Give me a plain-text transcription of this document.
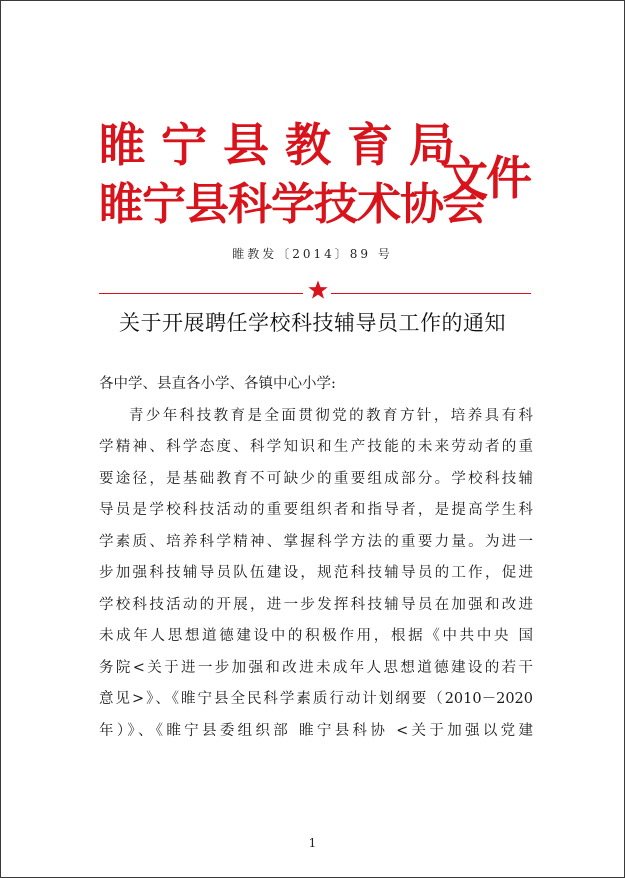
睢宁县教育局
睢宁县科学技术协会
文件
睢教发〔2014〕89 号
关于开展聘任学校科技辅导员工作的通知
各中学、县直各小学、各镇中心小学:
青少年科技教育是全面贯彻党的教育方针，培养具有科
学精神、科学态度、科学知识和生产技能的未来劳动者的重
要途径，是基础教育不可缺少的重要组成部分。学校科技辅
导员是学校科技活动的重要组织者和指导者，是提高学生科
学素质、培养科学精神、掌握科学方法的重要力量。为进一
步加强科技辅导员队伍建设，规范科技辅导员的工作，促进
学校科技活动的开展，进一步发挥科技辅导员在加强和改进
未成年人思想道德建设中的积极作用，根据《中共中央 国
务院<关于进一步加强和改进未成年人思想道德建设的若干
意见>》、《睢宁县全民科学素质行动计划纲要（2010－2020
年）》、《睢宁县委组织部 睢宁县科协 <关于加强以党建
1
